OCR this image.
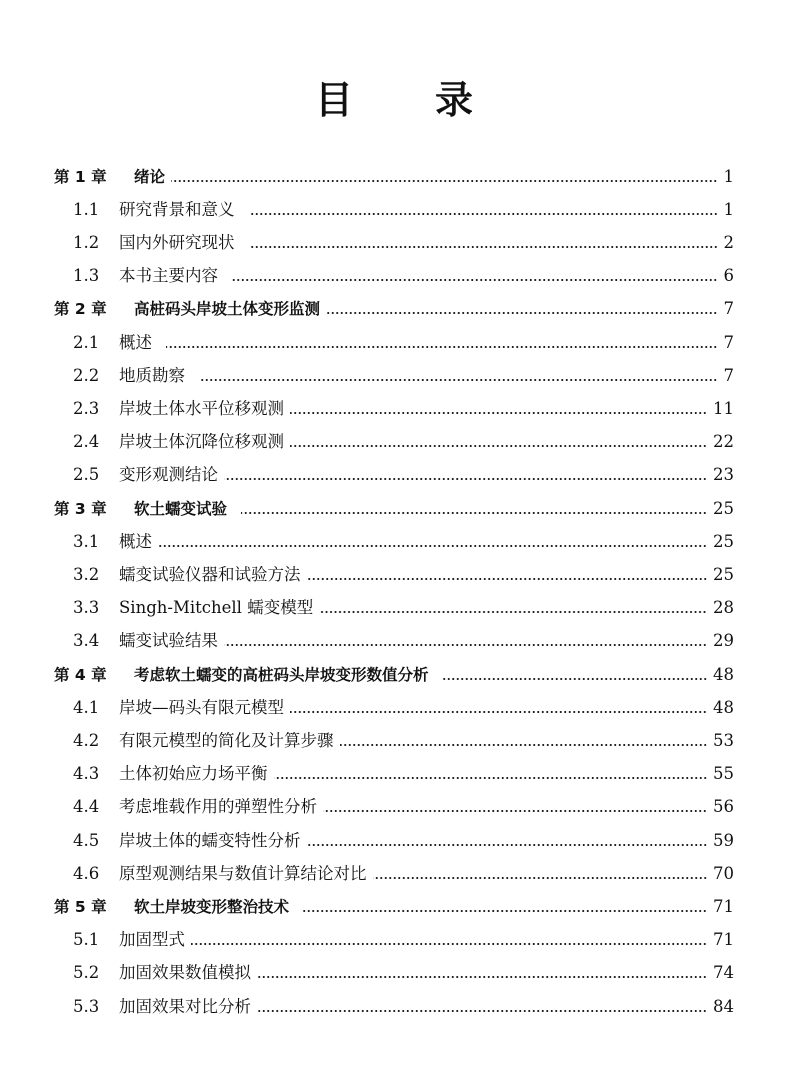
目 录
第 1 章	绪论	1
1.1	研究背景和意义	1
1.2	国内外研究现状	2
1.3	本书主要内容	6
第 2 章	高桩码头岸坡土体变形监测	7
2.1	概述	7
2.2	地质勘察	7
2.3	岸坡土体水平位移观测	11
2.4	岸坡土体沉降位移观测	22
2.5	变形观测结论	23
第 3 章	软土蠕变试验	25
3.1	概述	25
3.2	蠕变试验仪器和试验方法	25
3.3	Singh-Mitchell 蠕变模型	28
3.4	蠕变试验结果	29
第 4 章	考虑软土蠕变的高桩码头岸坡变形数值分析	48
4.1	岸坡—码头有限元模型	48
4.2	有限元模型的简化及计算步骤	53
4.3	土体初始应力场平衡	55
4.4	考虑堆载作用的弹塑性分析	56
4.5	岸坡土体的蠕变特性分析	59
4.6	原型观测结果与数值计算结论对比	70
第 5 章	软土岸坡变形整治技术	71
5.1	加固型式	71
5.2	加固效果数值模拟	74
5.3	加固效果对比分析	84
